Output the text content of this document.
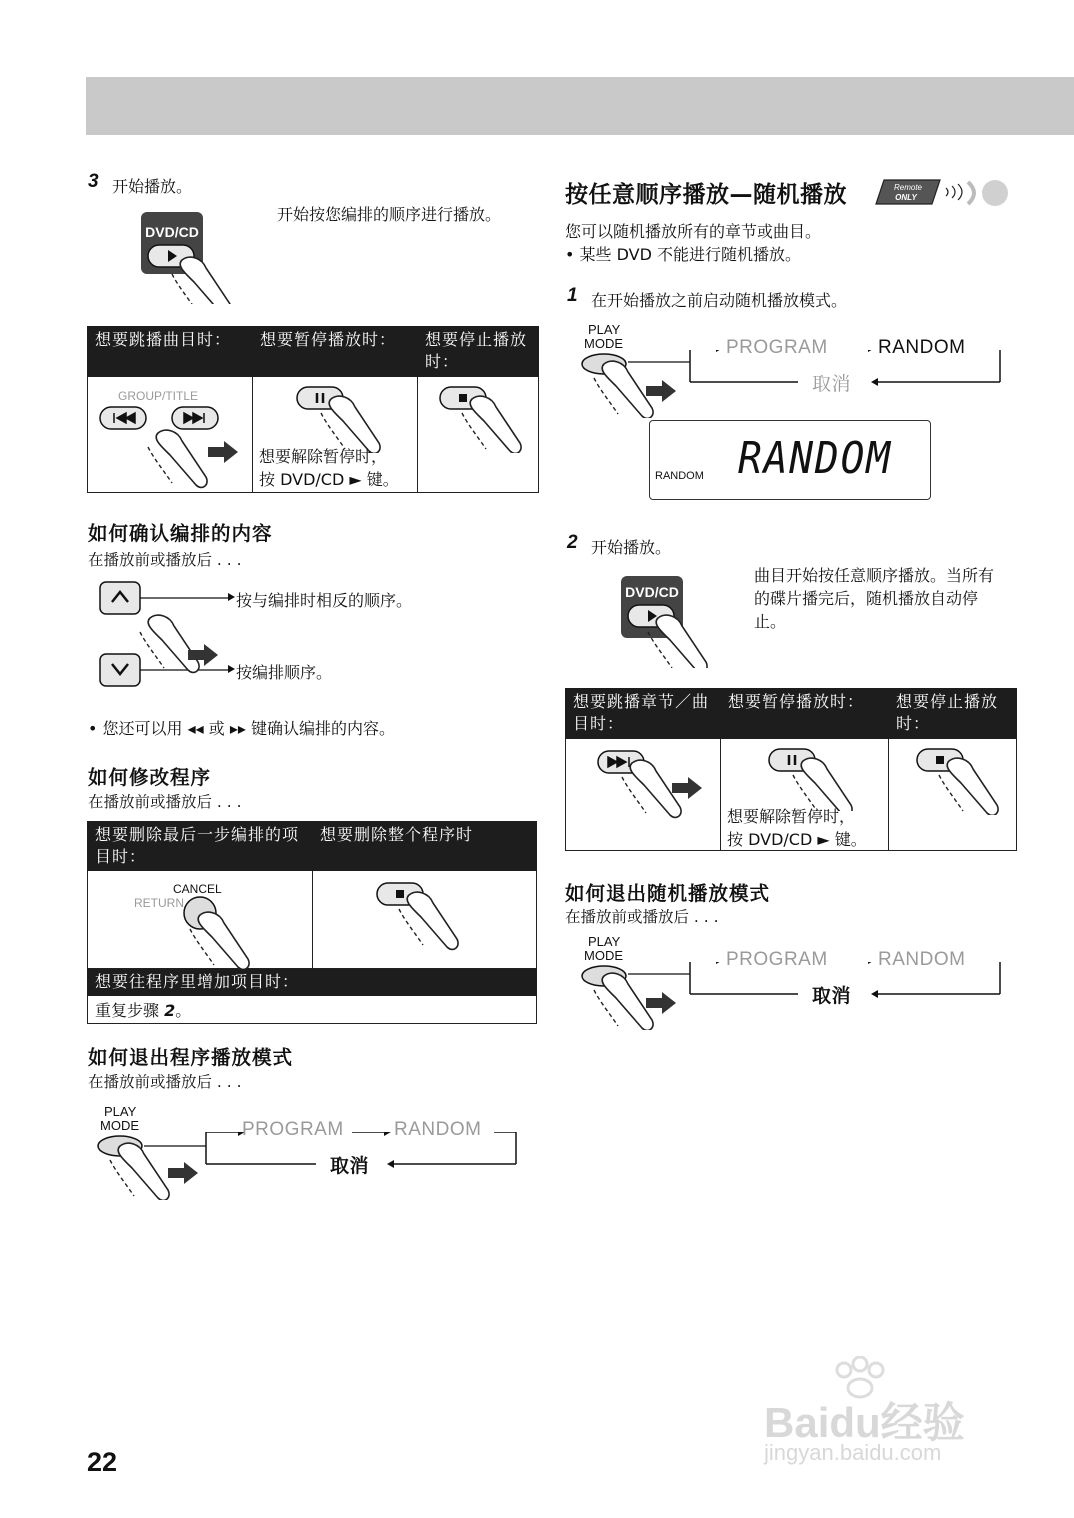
3 开始播放。
DVD/CD
开始按您编排的顺序进行播放。
想要跳播曲目时：	想要暂停播放时：	想要停止播放时：

GROUP/TITLE	想要解除暂停时，
按 DVD/CD ► 键。

如何确认编排的内容
在播放前或播放后 . . .
按与编排时相反的顺序。
按编排顺序。
• 您还可以用 ◂◂ 或 ▸▸ 键确认编排的内容。
如何修改程序
在播放前或播放后 . . .
想要删除最后一步编排的项目时：	想要删除整个程序时

CANCEL
RETURN

想要往程序里增加项目时：	
重复步骤 2。	
如何退出程序播放模式
在播放前或播放后 . . .
PLAY
MODE	PROGRAM	RANDOM
取消
按任意顺序播放—随机播放	Remote
ONLY
您可以随机播放所有的章节或曲目。
• 某些 DVD 不能进行随机播放。
1 在开始播放之前启动随机播放模式。
PLAY
MODE	PROGRAM	RANDOM
取消
RANDOM RANDOM
2 开始播放。
DVD/CD
曲目开始按任意顺序播放。当所有的碟片播完后，随机播放自动停止。
想要跳播章节／曲目时：	想要暂停播放时：	想要停止播放时：

想要解除暂停时，
按 DVD/CD ► 键。

如何退出随机播放模式
在播放前或播放后 . . .
PLAY
MODE	PROGRAM	RANDOM
取消
22
Baidu经验
jingyan.baidu.com
